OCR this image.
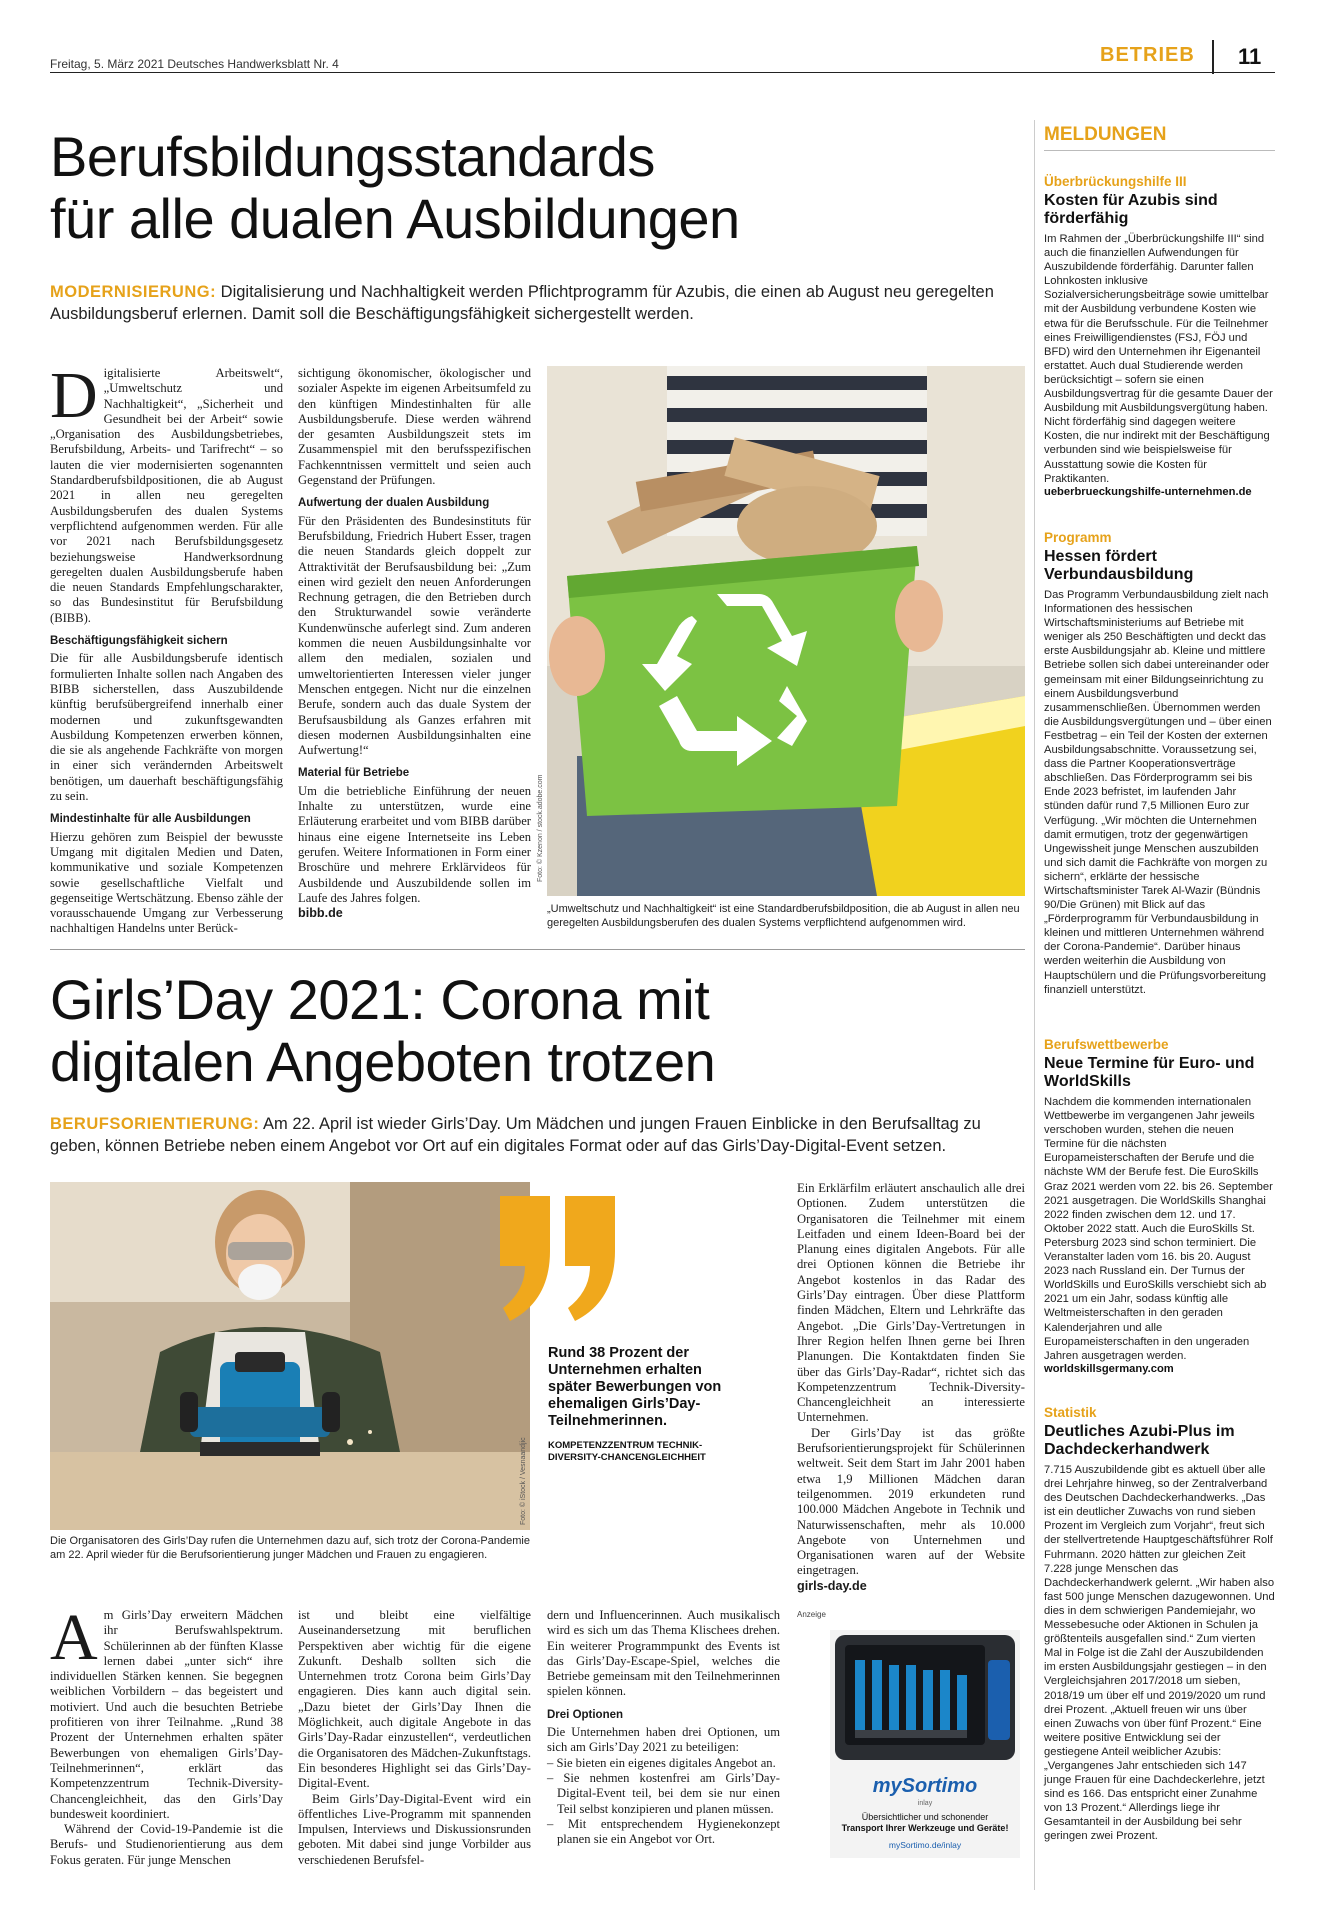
Freitag, 5. März 2021 Deutsches Handwerksblatt Nr. 4	BETRIEB 11
Berufsbildungsstandards
für alle dualen Ausbildungen
MODERNISIERUNG: Digitalisierung und Nachhaltigkeit werden Pflichtprogramm für Azubis, die einen ab August neu geregelten Ausbildungsberuf erlernen. Damit soll die Beschäftigungsfähigkeit sichergestellt werden.
D igitalisierte Arbeitswelt“, „Umweltschutz und Nachhaltigkeit“, „Sicherheit und Gesundheit bei der Arbeit“ sowie „Organisation des Ausbildungsbetriebes, Berufsbildung, Arbeits- und Tarifrecht“ – so lauten die vier modernisierten sogenannten Standardberufsbildpositionen, die ab August 2021 in allen neu geregelten Ausbildungsberufen des dualen Systems verpflichtend aufgenommen werden. Für alle vor 2021 nach Berufsbildungsgesetz beziehungsweise Handwerksordnung geregelten dualen Ausbildungsberufe haben die neuen Standards Empfehlungscharakter, so das Bundesinstitut für Berufsbildung (BIBB).

Beschäftigungsfähigkeit sichern

Die für alle Ausbildungsberufe identisch formulierten Inhalte sollen nach Angaben des BIBB sicherstellen, dass Auszubildende künftig berufsübergreifend innerhalb einer modernen und zukunftsgewandten Ausbildung Kompetenzen erwerben können, die sie als angehende Fachkräfte von morgen in einer sich verändernden Arbeitswelt benötigen, um dauerhaft beschäftigungsfähig zu sein.

Mindestinhalte für alle Ausbildungen

Hierzu gehören zum Beispiel der bewusste Umgang mit digitalen Medien und Daten, kommunikative und soziale Kompetenzen sowie gesellschaftliche Vielfalt und gegenseitige Wertschätzung. Ebenso zähle der vorausschauende Umgang zur Verbesserung nachhaltigen Handelns unter Berück-

sichtigung ökonomischer, ökologischer und sozialer Aspekte im eigenen Arbeitsumfeld zu den künftigen Mindestinhalten für alle Ausbildungsberufe. Diese werden während der gesamten Ausbildungszeit stets im Zusammenspiel mit den berufsspezifischen Fachkenntnissen vermittelt und seien auch Gegenstand der Prüfungen.

Aufwertung der dualen Ausbildung

Für den Präsidenten des Bundesinstituts für Berufsbildung, Friedrich Hubert Esser, tragen die neuen Standards gleich doppelt zur Attraktivität der Berufsausbildung bei: „Zum einen wird gezielt den neuen Anforderungen Rechnung getragen, die den Betrieben durch den Strukturwandel sowie veränderte Kundenwünsche auferlegt sind. Zum anderen kommen die neuen Ausbildungsinhalte vor allem den medialen, sozialen und umweltorientierten Interessen vieler junger Menschen entgegen. Nicht nur die einzelnen Berufe, sondern auch das duale System der Berufsausbildung als Ganzes erfahren mit diesen modernen Ausbildungsinhalten eine Aufwertung!“

Material für Betriebe

Um die betriebliche Einführung der neuen Inhalte zu unterstützen, wurde eine Erläuterung erarbeitet und vom BIBB darüber hinaus eine eigene Internetseite ins Leben gerufen. Weitere Informationen in Form einer Broschüre und mehrere Erklärvideos für Ausbildende und Auszubildende sollen im Laufe des Jahres folgen.

bibb.de
Foto: © Kzenon / stock.adobe.com
„Umweltschutz und Nachhaltigkeit“ ist eine Standardberufsbildposition, die ab August in allen neu geregelten Ausbildungsberufen des dualen Systems verpflichtend aufgenommen wird.
Girls’Day 2021: Corona mit
digitalen Angeboten trotzen
BERUFSORIENTIERUNG: Am 22. April ist wieder Girls’Day. Um Mädchen und jungen Frauen Einblicke in den Berufsalltag zu geben, können Betriebe neben einem Angebot vor Ort auf ein digitales Format oder auf das Girls’Day-Digital-Event setzen.
Foto: © iStock / Vesnaandjic
Die Organisatoren des Girls’Day rufen die Unternehmen dazu auf, sich trotz der Corona-Pandemie am 22. April wieder für die Berufsorientierung junger Mädchen und Frauen zu engagieren.
Rund 38 Prozent der Unternehmen erhalten später Bewerbungen von ehemaligen Girls’Day-Teilnehmerinnen.
KOMPETENZZENTRUM TECHNIK-DIVERSITY-CHANCENGLEICHHEIT

Ein Erklärfilm erläutert anschaulich alle drei Optionen. Zudem unterstützen die Organisatoren die Teilnehmer mit einem Leitfaden und einem Ideen-Board bei der Planung eines digitalen Angebots. Für alle drei Optionen können die Betriebe ihr Angebot kostenlos in das Radar des Girls’Day eintragen. Über diese Plattform finden Mädchen, Eltern und Lehrkräfte das Angebot. „Die Girls’Day-Vertretungen in Ihrer Region helfen Ihnen gerne bei Ihren Planungen. Die Kontaktdaten finden Sie über das Girls’Day-Radar“, richtet sich das Kompetenzzentrum Technik-Diversity-Chancengleichheit an interessierte Unternehmen.

Der Girls’Day ist das größte Berufsorientierungsprojekt für Schülerinnen weltweit. Seit dem Start im Jahr 2001 haben etwa 1,9 Millionen Mädchen daran teilgenommen. 2019 erkundeten rund 100.000 Mädchen Angebote in Technik und Naturwissenschaften, mehr als 10.000 Angebote von Unternehmen und Organisationen waren auf der Website eingetragen.

girls-day.de
A m Girls’Day erweitern Mädchen ihr Berufswahlspektrum. Schülerinnen ab der fünften Klasse lernen dabei „unter sich“ ihre individuellen Stärken kennen. Sie begegnen weiblichen Vorbildern – das begeistert und motiviert. Und auch die besuchten Betriebe profitieren von ihrer Teilnahme. „Rund 38 Prozent der Unternehmen erhalten später Bewerbungen von ehemaligen Girls’Day-Teilnehmerinnen“, erklärt das Kompetenzzentrum Technik-Diversity-Chancengleichheit, das den Girls’Day bundesweit koordiniert.

Während der Covid-19-Pandemie ist die Berufs- und Studienorientierung aus dem Fokus geraten. Für junge Menschen

ist und bleibt eine vielfältige Auseinandersetzung mit beruflichen Perspektiven aber wichtig für die eigene Zukunft. Deshalb sollten sich die Unternehmen trotz Corona beim Girls’Day engagieren. Dies kann auch digital sein. „Dazu bietet der Girls’Day Ihnen die Möglichkeit, auch digitale Angebote in das Girls’Day-Radar einzustellen“, verdeutlichen die Organisatoren des Mädchen-Zukunftstags. Ein besonderes Highlight sei das Girls’Day-Digital-Event.

Beim Girls’Day-Digital-Event wird ein öffentliches Live-Programm mit spannenden Impulsen, Interviews und Diskussionsrunden geboten. Mit dabei sind junge Vorbilder aus verschiedenen Berufsfel-

dern und Influencerinnen. Auch musikalisch wird es sich um das Thema Klischees drehen. Ein weiterer Programmpunkt des Events ist das Girls’Day-Escape-Spiel, welches die Betriebe gemeinsam mit den Teilnehmerinnen spielen können.

Drei Optionen

Die Unternehmen haben drei Optionen, um sich am Girls’Day 2021 zu beteiligen:

– Sie bieten ein eigenes digitales Angebot an.
– Sie nehmen kostenfrei am Girls’Day-Digital-Event teil, bei dem sie nur einen Teil selbst konzipieren und planen müssen.
– Mit entsprechendem Hygienekonzept planen sie ein Angebot vor Ort.
Anzeige
mySortimo
inlay
Übersichtlicher und schonender
Transport Ihrer Werkzeuge und Geräte!
mySortimo.de/inlay
MELDUNGEN
Überbrückungshilfe III
Kosten für Azubis sind förderfähig
Im Rahmen der „Überbrückungshilfe III“ sind auch die finanziellen Aufwendungen für Auszubildende förderfähig. Darunter fallen Lohnkosten inklusive Sozialversicherungsbeiträge sowie umittelbar mit der Ausbildung verbundene Kosten wie etwa für die Berufsschule. Für die Teilnehmer eines Freiwilligendienstes (FSJ, FÖJ und BFD) wird den Unternehmen ihr Eigenanteil erstattet. Auch dual Studierende werden berücksichtigt – sofern sie einen Ausbildungsvertrag für die gesamte Dauer der Ausbildung mit Ausbildungsvergütung haben. Nicht förderfähig sind dagegen weitere Kosten, die nur indirekt mit der Beschäftigung verbunden sind wie beispielsweise für Ausstattung sowie die Kosten für Praktikanten.
ueberbrueckungshilfe-unternehmen.de
Programm
Hessen fördert Verbundausbildung
Das Programm Verbundausbildung zielt nach Informationen des hessischen Wirtschaftsministeriums auf Betriebe mit weniger als 250 Beschäftigten und deckt das erste Ausbildungsjahr ab. Kleine und mittlere Betriebe sollen sich dabei untereinander oder gemeinsam mit einer Bildungseinrichtung zu einem Ausbildungsverbund zusammenschließen. Übernommen werden die Ausbildungsvergütungen und – über einen Festbetrag – ein Teil der Kosten der externen Ausbildungsabschnitte. Voraussetzung sei, dass die Partner Kooperationsverträge abschließen. Das Förderprogramm sei bis Ende 2023 befristet, im laufenden Jahr stünden dafür rund 7,5 Millionen Euro zur Verfügung. „Wir möchten die Unternehmen damit ermutigen, trotz der gegenwärtigen Ungewissheit junge Menschen auszubilden und sich damit die Fachkräfte von morgen zu sichern“, erklärte der hessische Wirtschaftsminister Tarek Al-Wazir (Bündnis 90/Die Grünen) mit Blick auf das „Förderprogramm für Verbundausbildung in kleinen und mittleren Unternehmen während der Corona-Pandemie“. Darüber hinaus werden weiterhin die Ausbildung von Hauptschülern und die Prüfungsvorbereitung finanziell unterstützt.
Berufswettbewerbe
Neue Termine für Euro- und WorldSkills
Nachdem die kommenden internationalen Wettbewerbe im vergangenen Jahr jeweils verschoben wurden, stehen die neuen Termine für die nächsten Europameisterschaften der Berufe und die nächste WM der Berufe fest. Die EuroSkills Graz 2021 werden vom 22. bis 26. September 2021 ausgetragen. Die WorldSkills Shanghai 2022 finden zwischen dem 12. und 17. Oktober 2022 statt. Auch die EuroSkills St. Petersburg 2023 sind schon terminiert. Die Veranstalter laden vom 16. bis 20. August 2023 nach Russland ein. Der Turnus der WorldSkills und EuroSkills verschiebt sich ab 2021 um ein Jahr, sodass künftig alle Weltmeisterschaften in den geraden Kalenderjahren und alle Europameisterschaften in den ungeraden Jahren ausgetragen werden.
worldskillsgermany.com
Statistik
Deutliches Azubi-Plus im Dachdeckerhandwerk
7.715 Auszubildende gibt es aktuell über alle drei Lehrjahre hinweg, so der Zentralverband des Deutschen Dachdeckerhandwerks. „Das ist ein deutlicher Zuwachs von rund sieben Prozent im Vergleich zum Vorjahr“, freut sich der stellvertretende Hauptgeschäftsführer Rolf Fuhrmann. 2020 hätten zur gleichen Zeit 7.228 junge Menschen das Dachdeckerhandwerk gelernt. „Wir haben also fast 500 junge Menschen dazugewonnen. Und dies in dem schwierigen Pandemiejahr, wo Messebesuche oder Aktionen in Schulen ja größtenteils ausgefallen sind.“ Zum vierten Mal in Folge ist die Zahl der Auszubildenden im ersten Ausbildungsjahr gestiegen – in den Vergleichsjahren 2017/2018 um sieben, 2018/19 um über elf und 2019/2020 um rund drei Prozent. „Aktuell freuen wir uns über einen Zuwachs von über fünf Prozent.“ Eine weitere positive Entwicklung sei der gestiegene Anteil weiblicher Azubis: „Vergangenes Jahr entschieden sich 147 junge Frauen für eine Dachdeckerlehre, jetzt sind es 166. Das entspricht einer Zunahme von 13 Prozent.“ Allerdings liege ihr Gesamtanteil in der Ausbildung bei sehr geringen zwei Prozent.
